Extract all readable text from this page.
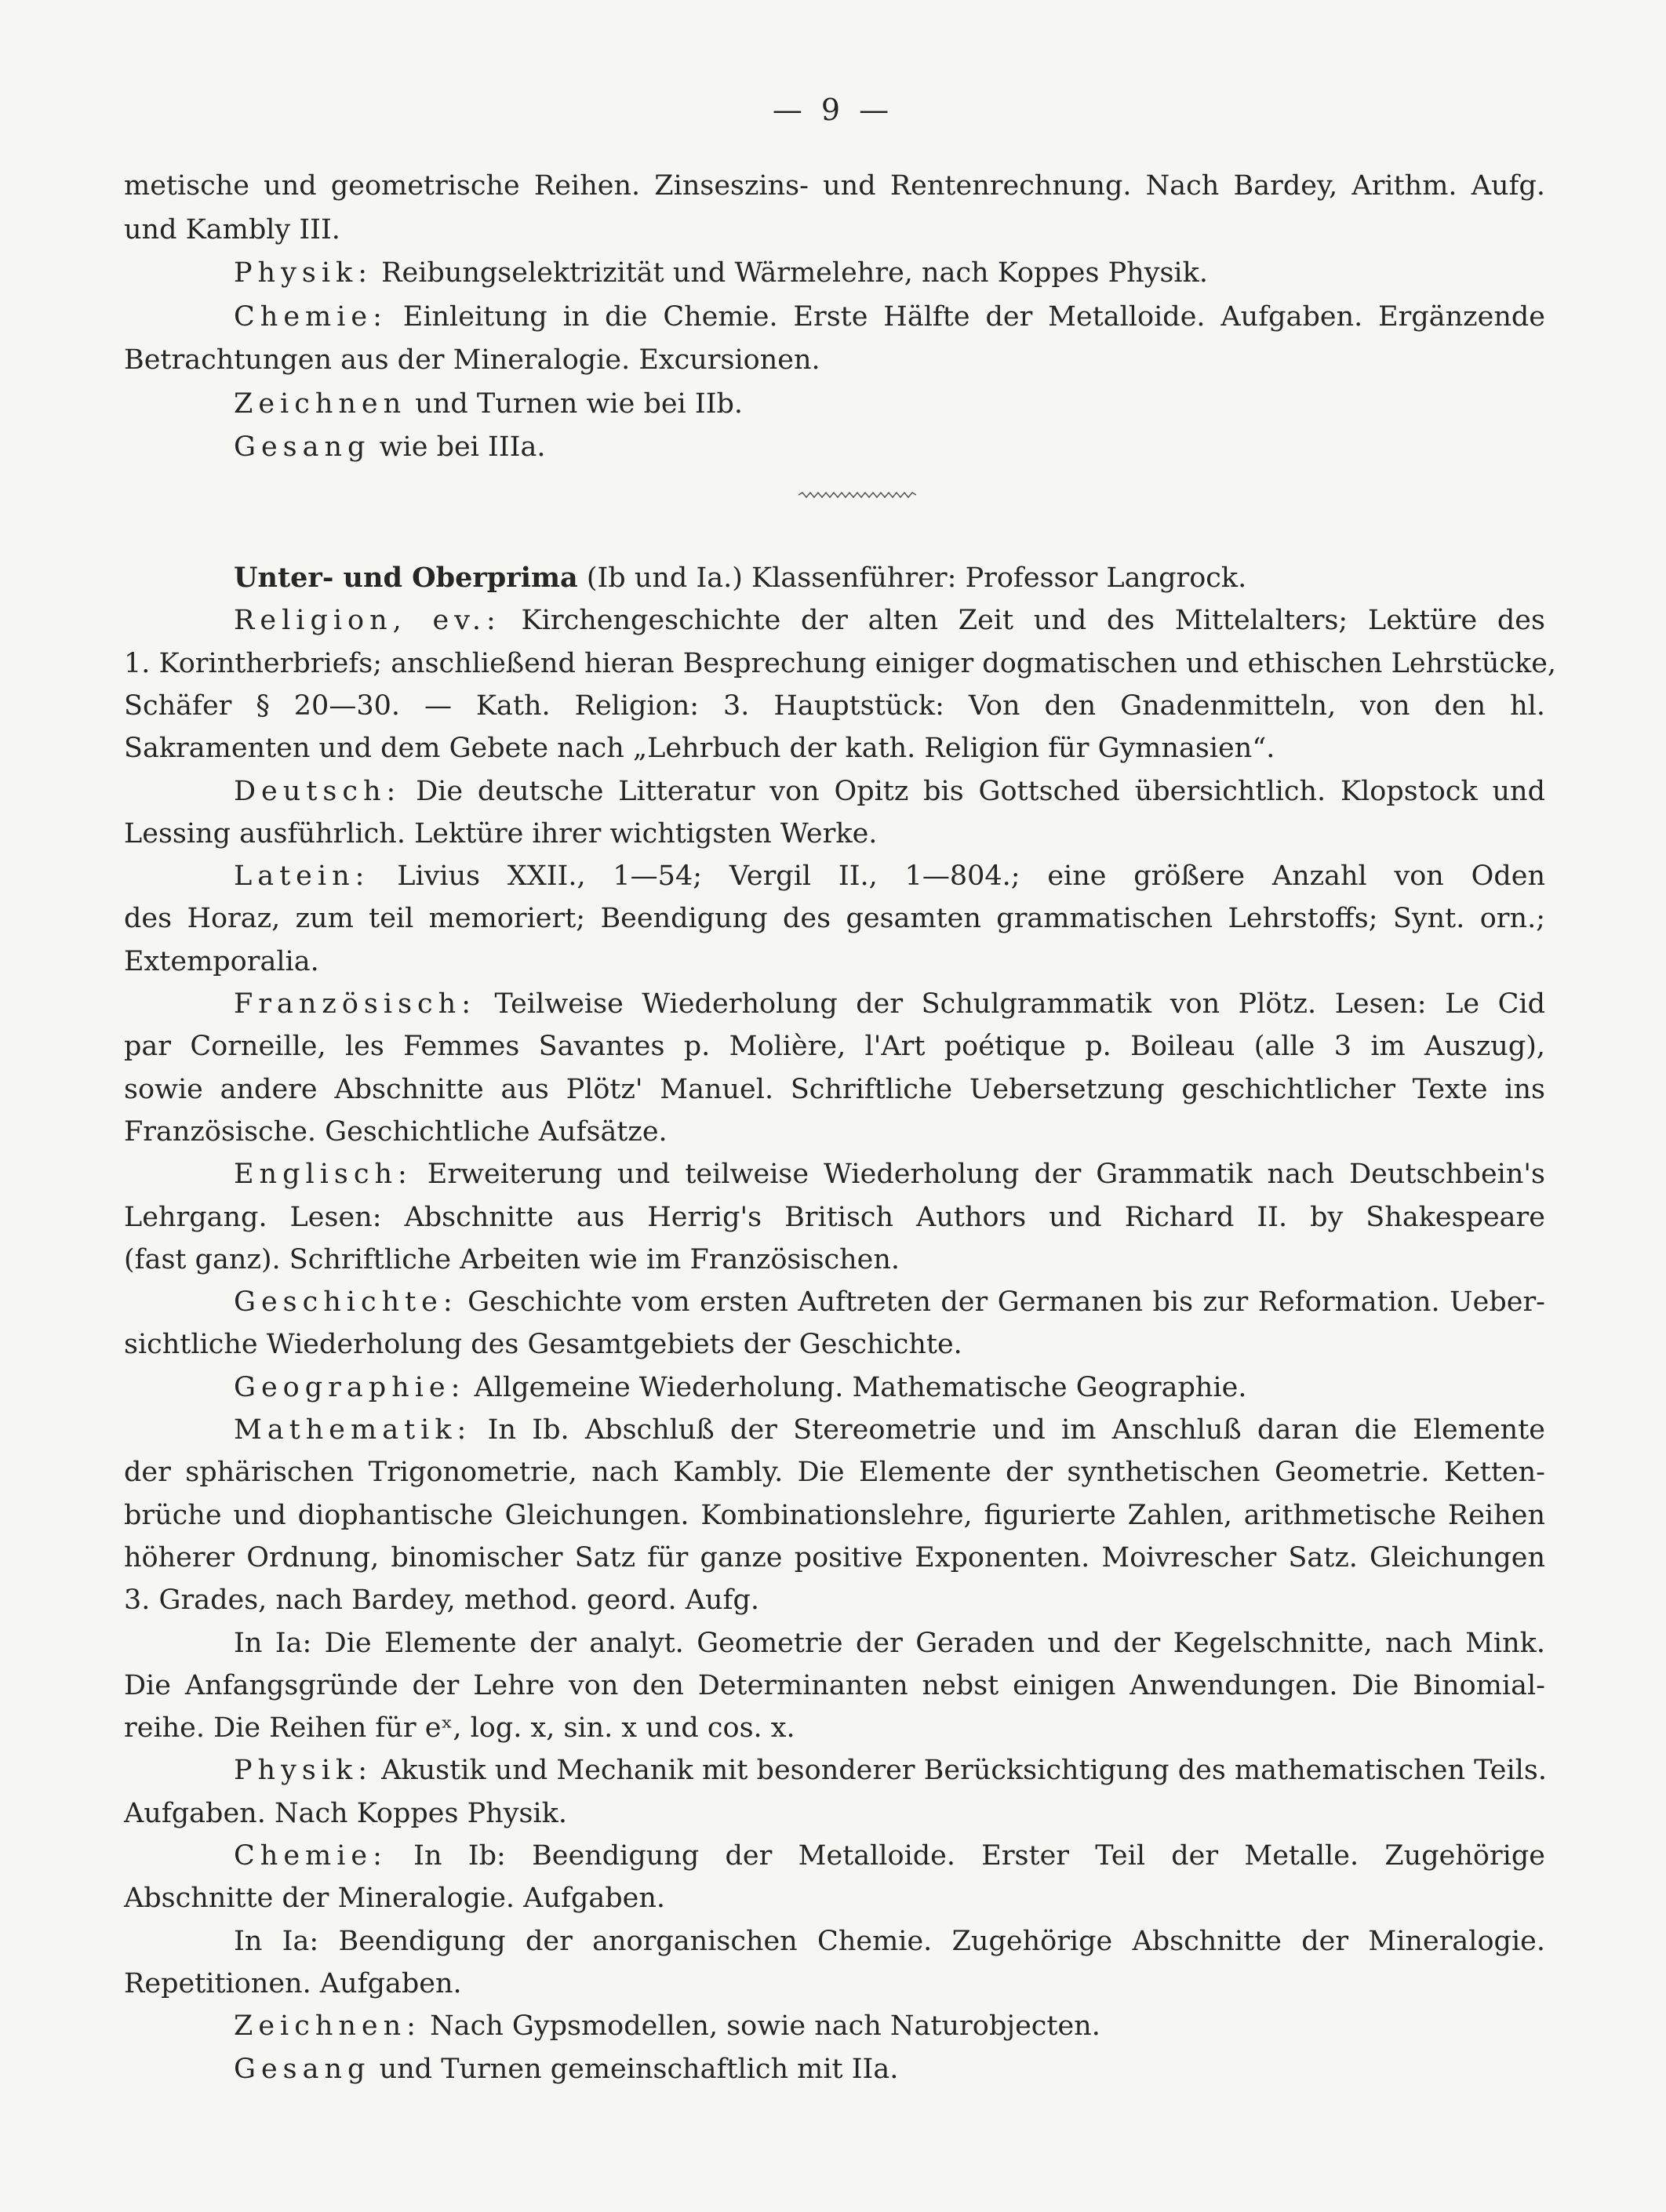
— 9 —
metische und geometrische Reihen. Zinseszins- und Rentenrechnung. Nach Bardey, Arithm. Aufg.
und Kambly III.
Physik: Reibungselektrizität und Wärmelehre, nach Koppes Physik.
Chemie: Einleitung in die Chemie. Erste Hälfte der Metalloide. Aufgaben. Ergänzende
Betrachtungen aus der Mineralogie. Excursionen.
Zeichnen und Turnen wie bei IIb.
Gesang wie bei IIIa.
Unter- und Oberprima (Ib und Ia.) Klassenführer: Professor Langrock.
Religion, ev.: Kirchengeschichte der alten Zeit und des Mittelalters; Lektüre des
1. Korintherbriefs; anschließend hieran Besprechung einiger dogmatischen und ethischen Lehrstücke,
Schäfer § 20—30. — Kath. Religion: 3. Hauptstück: Von den Gnadenmitteln, von den hl.
Sakramenten und dem Gebete nach „Lehrbuch der kath. Religion für Gymnasien“.
Deutsch: Die deutsche Litteratur von Opitz bis Gottsched übersichtlich. Klopstock und
Lessing ausführlich. Lektüre ihrer wichtigsten Werke.
Latein: Livius XXII., 1—54; Vergil II., 1—804.; eine größere Anzahl von Oden
des Horaz, zum teil memoriert; Beendigung des gesamten grammatischen Lehrstoffs; Synt. orn.;
Extemporalia.
Französisch: Teilweise Wiederholung der Schulgrammatik von Plötz. Lesen: Le Cid
par Corneille, les Femmes Savantes p. Molière, l'Art poétique p. Boileau (alle 3 im Auszug),
sowie andere Abschnitte aus Plötz' Manuel. Schriftliche Uebersetzung geschichtlicher Texte ins
Französische. Geschichtliche Aufsätze.
Englisch: Erweiterung und teilweise Wiederholung der Grammatik nach Deutschbein's
Lehrgang. Lesen: Abschnitte aus Herrig's Britisch Authors und Richard II. by Shakespeare
(fast ganz). Schriftliche Arbeiten wie im Französischen.
Geschichte: Geschichte vom ersten Auftreten der Germanen bis zur Reformation. Ueber-
sichtliche Wiederholung des Gesamtgebiets der Geschichte.
Geographie: Allgemeine Wiederholung. Mathematische Geographie.
Mathematik: In Ib. Abschluß der Stereometrie und im Anschluß daran die Elemente
der sphärischen Trigonometrie, nach Kambly. Die Elemente der synthetischen Geometrie. Ketten-
brüche und diophantische Gleichungen. Kombinationslehre, figurierte Zahlen, arithmetische Reihen
höherer Ordnung, binomischer Satz für ganze positive Exponenten. Moivrescher Satz. Gleichungen
3. Grades, nach Bardey, method. geord. Aufg.
In Ia: Die Elemente der analyt. Geometrie der Geraden und der Kegelschnitte, nach Mink.
Die Anfangsgründe der Lehre von den Determinanten nebst einigen Anwendungen. Die Binomial-
reihe. Die Reihen für eˣ, log. x, sin. x und cos. x.
Physik: Akustik und Mechanik mit besonderer Berücksichtigung des mathematischen Teils.
Aufgaben. Nach Koppes Physik.
Chemie: In Ib: Beendigung der Metalloide. Erster Teil der Metalle. Zugehörige
Abschnitte der Mineralogie. Aufgaben.
In Ia: Beendigung der anorganischen Chemie. Zugehörige Abschnitte der Mineralogie.
Repetitionen. Aufgaben.
Zeichnen: Nach Gypsmodellen, sowie nach Naturobjecten.
Gesang und Turnen gemeinschaftlich mit IIa.
